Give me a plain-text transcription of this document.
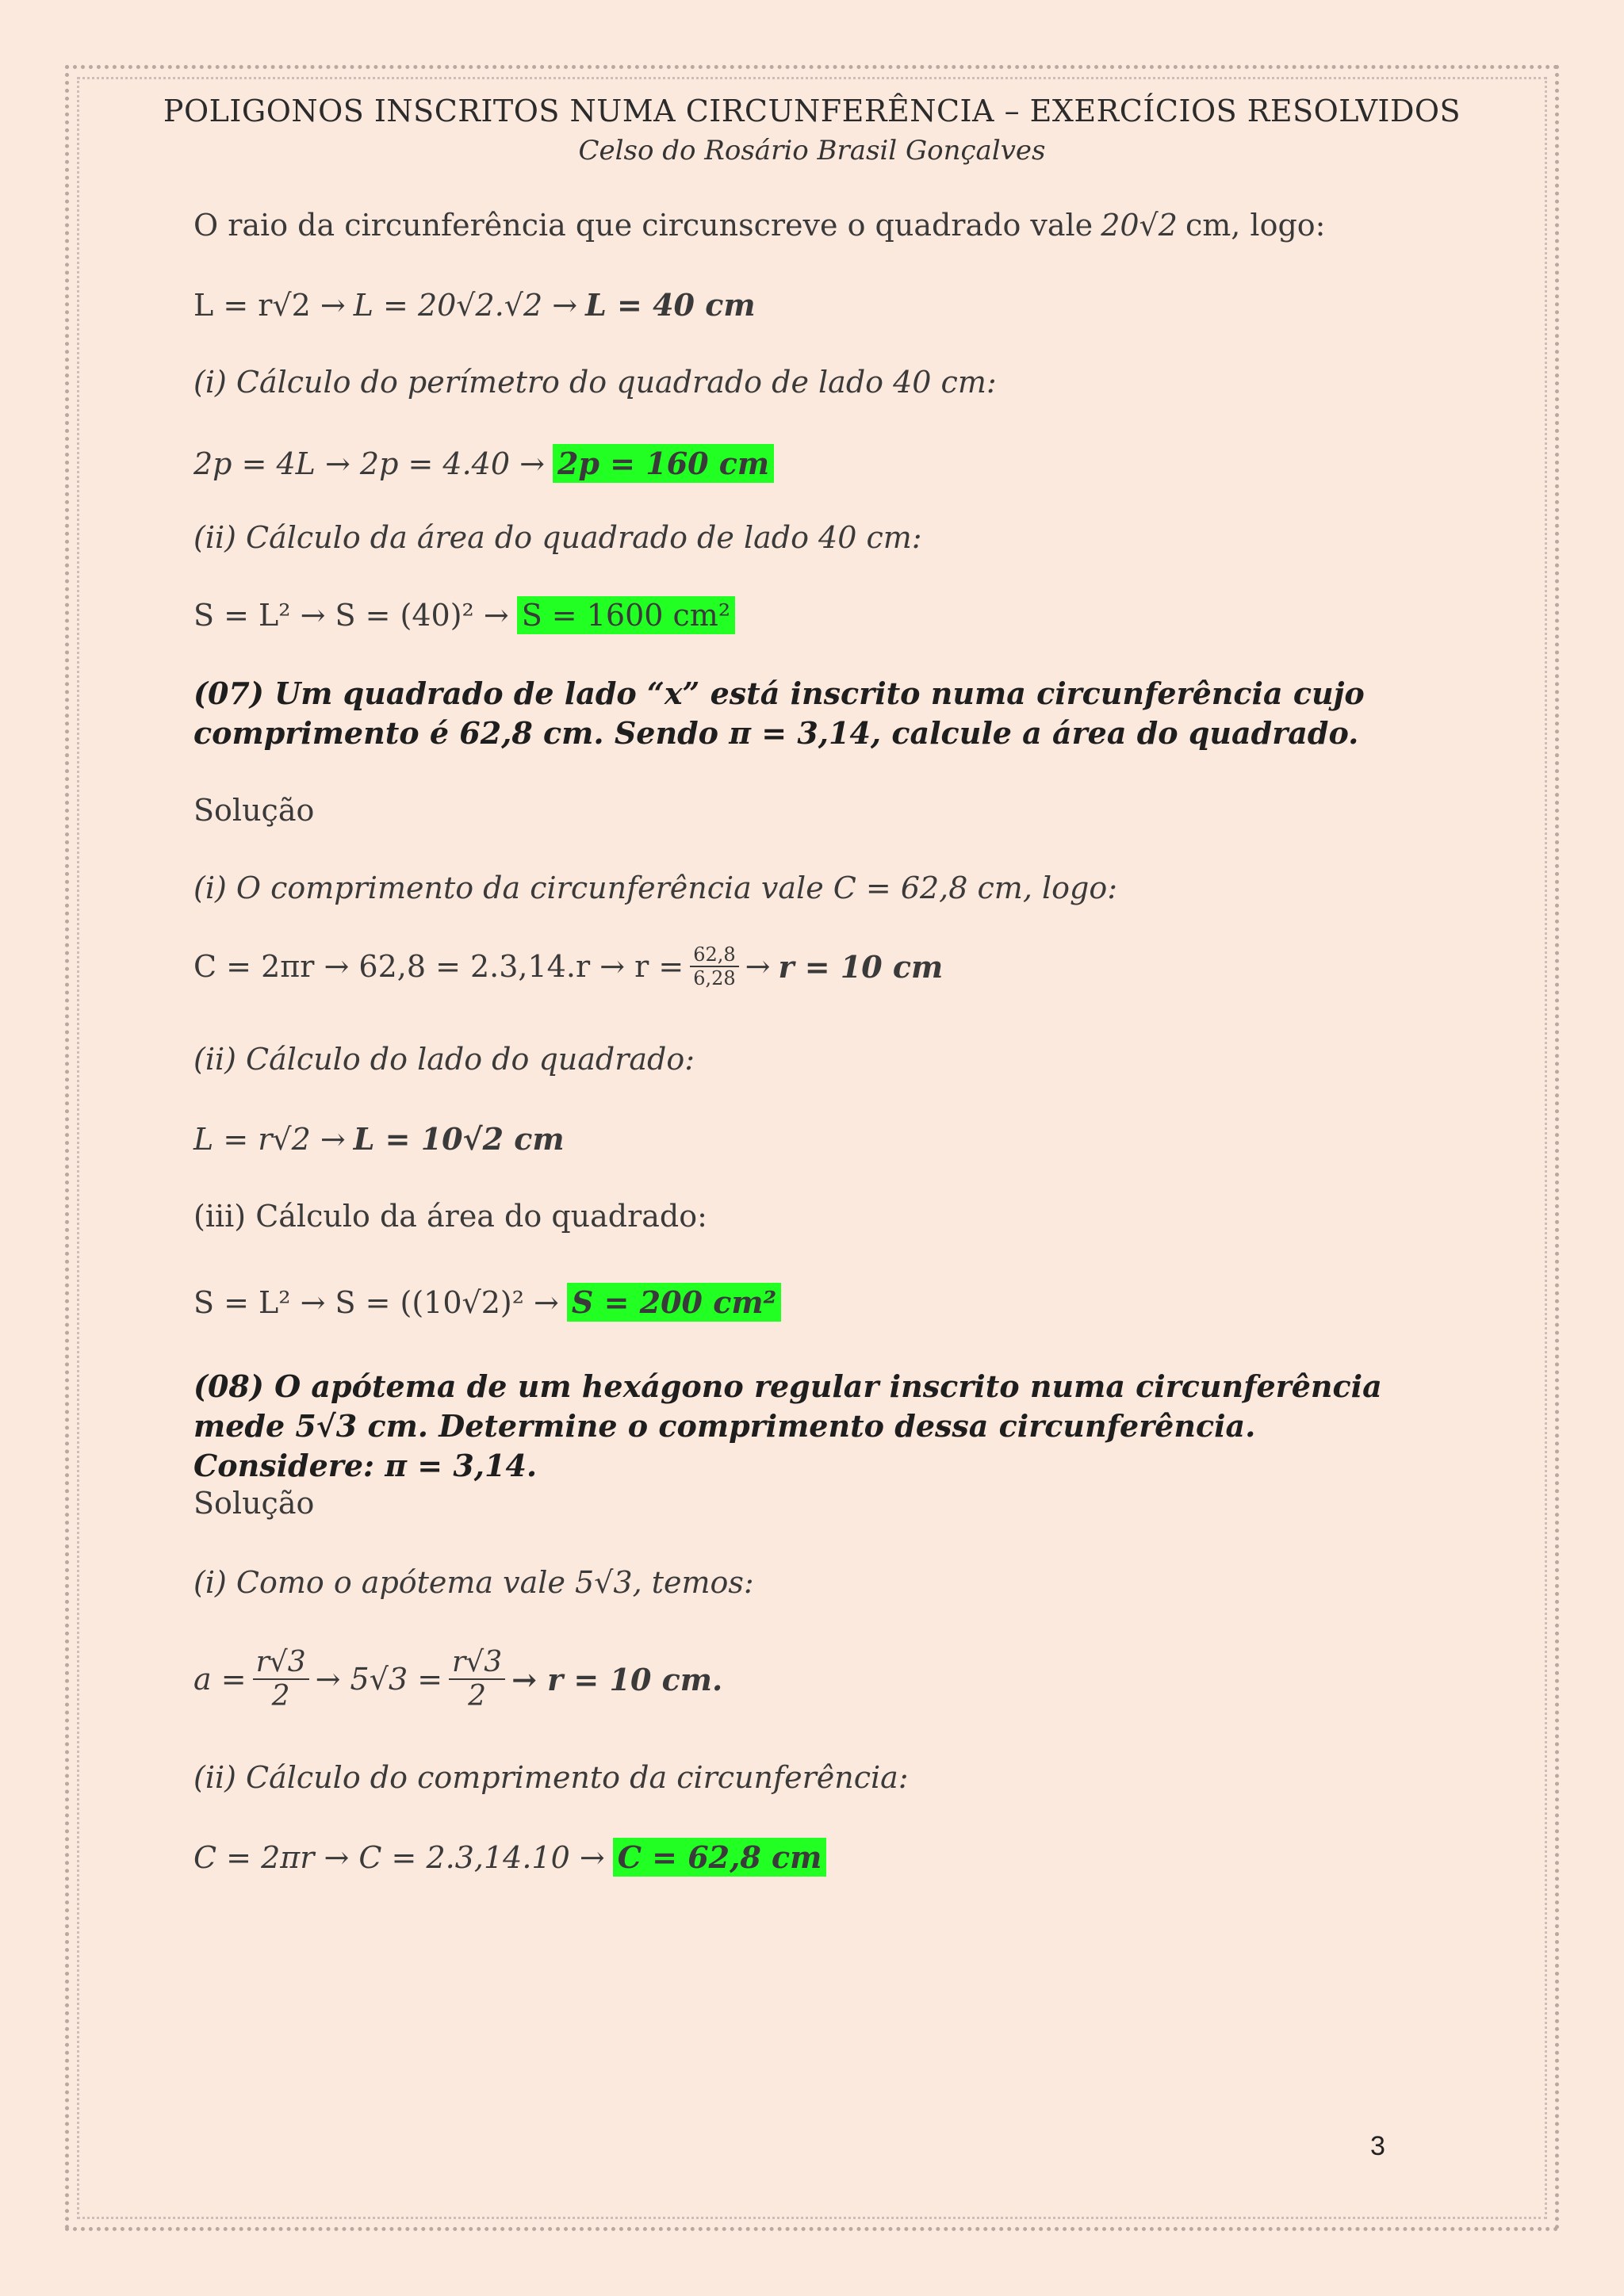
POLIGONOS INSCRITOS NUMA CIRCUNFERÊNCIA – EXERCÍCIOS RESOLVIDOS
Celso do Rosário Brasil Gonçalves
O raio da circunferência que circunscreve o quadrado vale 20√2 cm, logo:
L = r√2 → L = 20√2.√2 → L = 40 cm
(i) Cálculo do perímetro do quadrado de lado 40 cm:
2p = 4L → 2p = 4.40 → 2p = 160 cm
(ii) Cálculo da área do quadrado de lado 40 cm:
S = L² → S = (40)² → S = 1600 cm²
(07) Um quadrado de lado “x” está inscrito numa circunferência cujo comprimento é 62,8 cm. Sendo π = 3,14, calcule a área do quadrado.
Solução
(i) O comprimento da circunferência vale C = 62,8 cm, logo:
$C = 2\pi r \to 62,8 = 2.3,14.r \to r = \frac{62,8}{6,28} \to r = 10$ cm
(ii) Cálculo do lado do quadrado:
L = r√2 → L = 10√2 cm
(iii) Cálculo da área do quadrado:
S = L² → S = ((10√2)² → S = 200 cm²
(08) O apótema de um hexágono regular inscrito numa circunferência mede 5√3 cm. Determine o comprimento dessa circunferência. Considere: π = 3,14.
Solução
(i) Como o apótema vale 5√3, temos:
$a = \frac{r√3}{2} \to 5√3 = \frac{r√3}{2} \to r = 10$ cm.
(ii) Cálculo do comprimento da circunferência:
C = 2πr → C = 2.3,14.10 → C = 62,8 cm
3
